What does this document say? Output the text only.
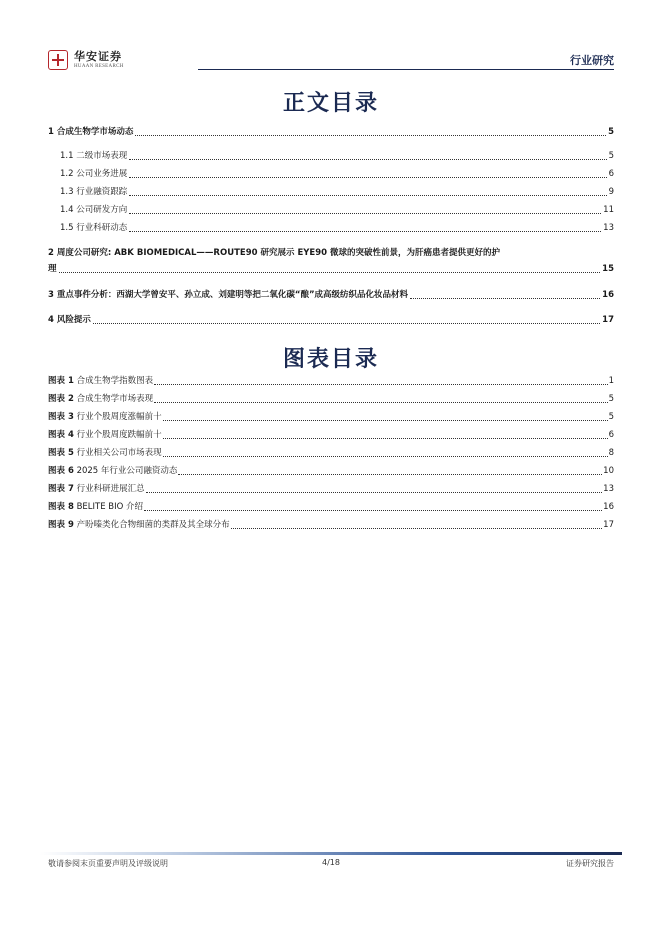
华安证券
HUAAN RESEARCH	行业研究
正文目录
1 合成生物学市场动态	5
1.1 二级市场表现	5
1.2 公司业务进展	6
1.3 行业融资跟踪	9
1.4 公司研发方向	11
1.5 行业科研动态	13
2 周度公司研究: ABK BIOMEDICAL——ROUTE90 研究展示 EYE90 微球的突破性前景，为肝癌患者提供更好的护
理	15
3 重点事件分析：西湖大学曾安平、孙立成、刘建明等把二氧化碳“酿”成高级纺织品化妆品材料	16
4 风险提示	17
图表目录
图表 1 合成生物学指数图表	1
图表 2 合成生物学市场表现	5
图表 3 行业个股周度涨幅前十	5
图表 4 行业个股周度跌幅前十	6
图表 5 行业相关公司市场表现	8
图表 6 2025 年行业公司融资动态	10
图表 7 行业科研进展汇总	13
图表 8 BELITE BIO 介绍	16
图表 9 产吩嗪类化合物细菌的类群及其全球分布	17
敬请参阅末页重要声明及评级说明	4/18	证券研究报告
